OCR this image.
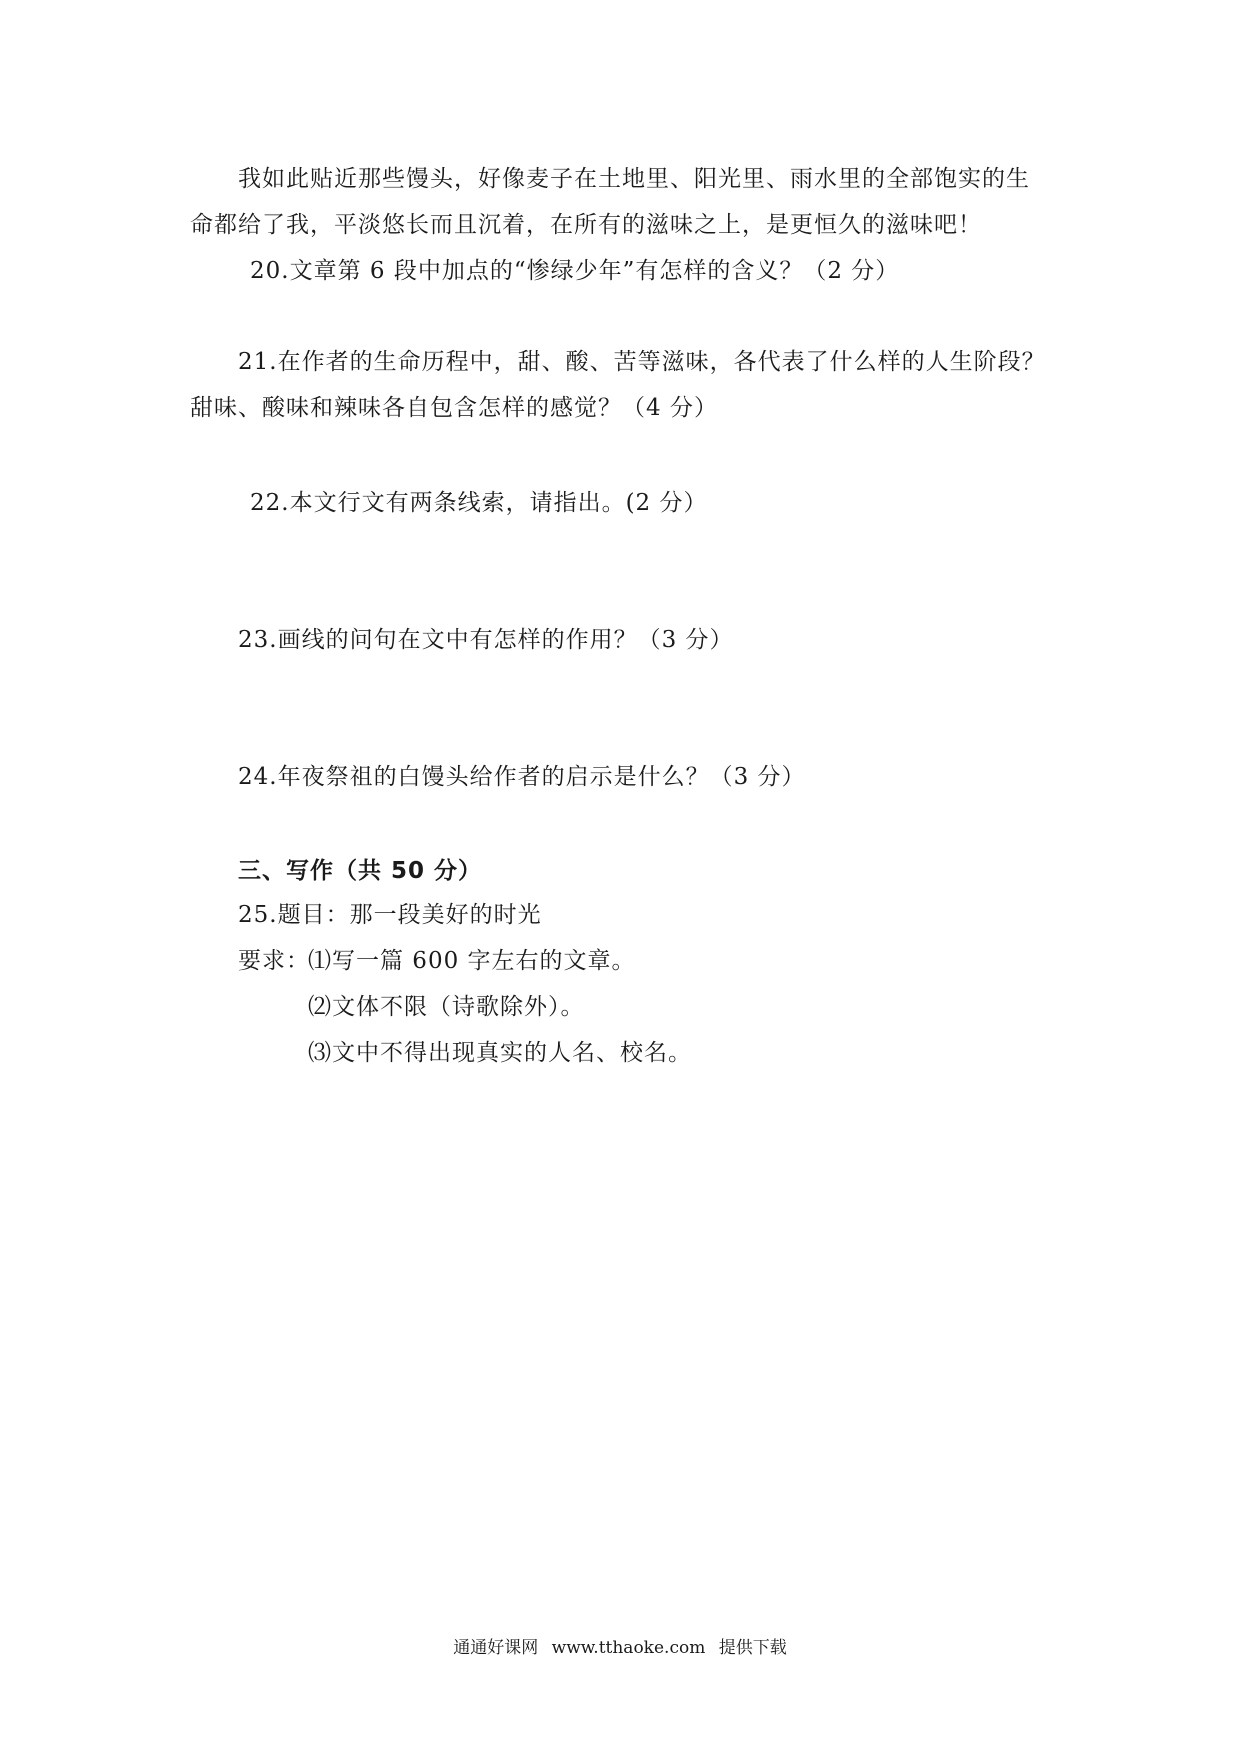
我如此贴近那些馒头，好像麦子在土地里、阳光里、雨水里的全部饱实的生
命都给了我，平淡悠长而且沉着，在所有的滋味之上，是更恒久的滋味吧！
20.文章第 6 段中加点的“惨绿少年”有怎样的含义？（2 分）
21.在作者的生命历程中，甜、酸、苦等滋味，各代表了什么样的人生阶段？
甜味、酸味和辣味各自包含怎样的感觉？（4 分）
22.本文行文有两条线索，请指出。(2 分）
23.画线的问句在文中有怎样的作用？（3 分）
24.年夜祭祖的白馒头给作者的启示是什么？（3 分）
三、写作（共 50 分）
25.题目：那一段美好的时光
要求：
⑴写一篇 600 字左右的文章。
⑵文体不限（诗歌除外）。
⑶文中不得出现真实的人名、校名。
通通好课网 www.tthaoke.com 提供下载
